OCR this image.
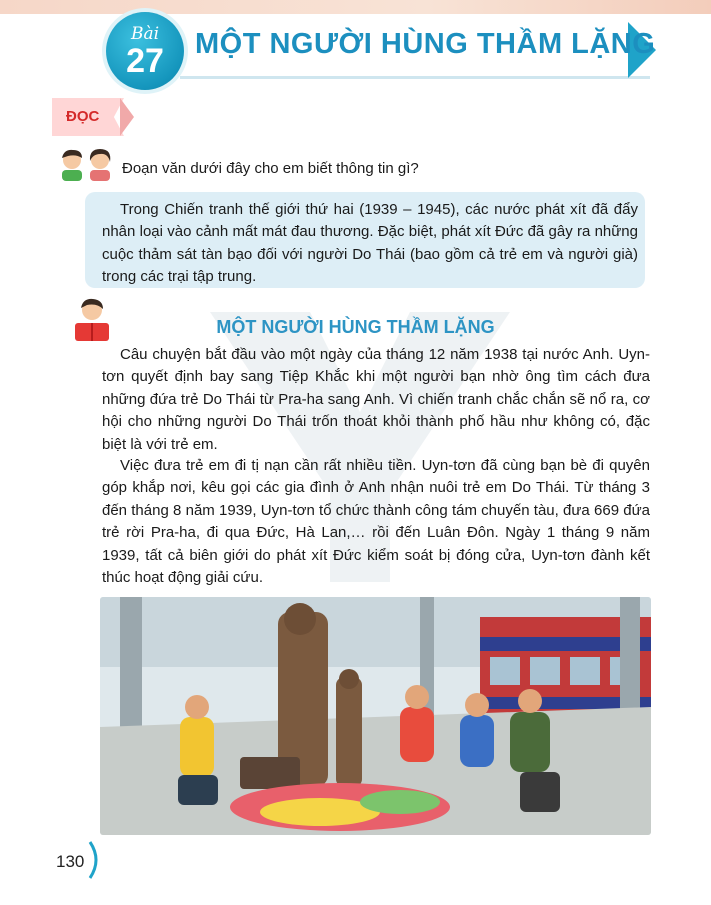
Bài
27	MỘT NGƯỜI HÙNG THẦM LẶNG
ĐỌC
Đoạn văn dưới đây cho em biết thông tin gì?
Trong Chiến tranh thế giới thứ hai (1939 – 1945), các nước phát xít đã đẩy nhân loại vào cảnh mất mát đau thương. Đặc biệt, phát xít Đức đã gây ra những cuộc thảm sát tàn bạo đối với người Do Thái (bao gồm cả trẻ em và người già) trong các trại tập trung.
MỘT NGƯỜI HÙNG THẦM LẶNG
Câu chuyện bắt đầu vào một ngày của tháng 12 năm 1938 tại nước Anh. Uyn-tơn quyết định bay sang Tiệp Khắc khi một người bạn nhờ ông tìm cách đưa những đứa trẻ Do Thái từ Pra-ha sang Anh. Vì chiến tranh chắc chắn sẽ nổ ra, cơ hội cho những người Do Thái trốn thoát khỏi thành phố hầu như không có, đặc biệt là với trẻ em.
Việc đưa trẻ em đi tị nạn cần rất nhiều tiền. Uyn-tơn đã cùng bạn bè đi quyên góp khắp nơi, kêu gọi các gia đình ở Anh nhận nuôi trẻ em Do Thái. Từ tháng 3 đến tháng 8 năm 1939, Uyn-tơn tổ chức thành công tám chuyến tàu, đưa 669 đứa trẻ rời Pra-ha, đi qua Đức, Hà Lan,… rồi đến Luân Đôn. Ngày 1 tháng 9 năm 1939, tất cả biên giới do phát xít Đức kiểm soát bị đóng cửa, Uyn-tơn đành kết thúc hoạt động giải cứu.
130
